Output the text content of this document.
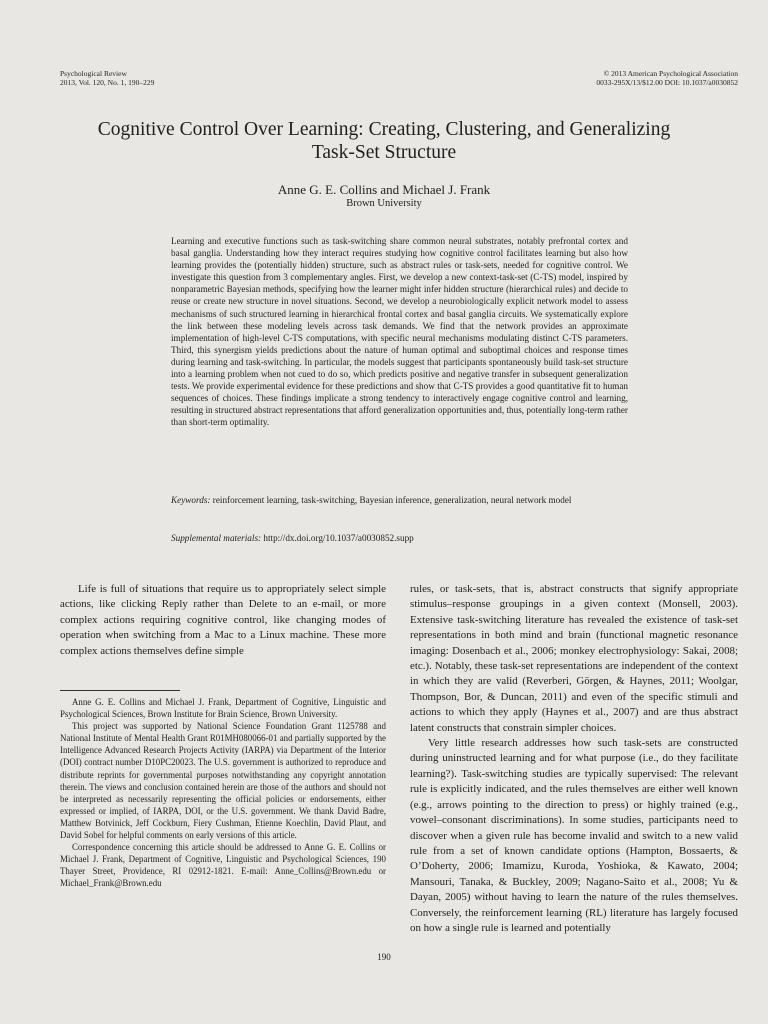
Psychological Review
2013, Vol. 120, No. 1, 190–229
© 2013 American Psychological Association
0033-295X/13/$12.00 DOI: 10.1037/a0030852
Cognitive Control Over Learning: Creating, Clustering, and Generalizing
Task-Set Structure
Anne G. E. Collins and Michael J. Frank
Brown University

Learning and executive functions such as task-switching share common neural substrates, notably prefrontal cortex and basal ganglia. Understanding how they interact requires studying how cognitive control facilitates learning but also how learning provides the (potentially hidden) structure, such as abstract rules or task-sets, needed for cognitive control. We investigate this question from 3 complementary angles. First, we develop a new context-task-set (C-TS) model, inspired by nonparametric Bayesian methods, specifying how the learner might infer hidden structure (hierarchical rules) and decide to reuse or create new structure in novel situations. Second, we develop a neurobiologically explicit network model to assess mechanisms of such structured learning in hierarchical frontal cortex and basal ganglia circuits. We systematically explore the link between these modeling levels across task demands. We find that the network provides an approximate implementation of high-level C-TS computations, with specific neural mechanisms modulating distinct C-TS parameters. Third, this synergism yields predictions about the nature of human optimal and suboptimal choices and response times during learning and task-switching. In particular, the models suggest that participants spontaneously build task-set structure into a learning problem when not cued to do so, which predicts positive and negative transfer in subsequent generalization tests. We provide experimental evidence for these predictions and show that C-TS provides a good quantitative fit to human sequences of choices. These findings implicate a strong tendency to interactively engage cognitive control and learning, resulting in structured abstract representations that afford generalization opportunities and, thus, potentially long-term rather than short-term optimality.

Keywords: reinforcement learning, task-switching, Bayesian inference, generalization, neural network model
Supplemental materials: http://dx.doi.org/10.1037/a0030852.supp

Life is full of situations that require us to appropriately select simple actions, like clicking Reply rather than Delete to an e-mail, or more complex actions requiring cognitive control, like changing modes of operation when switching from a Mac to a Linux machine. These more complex actions themselves define simple

Anne G. E. Collins and Michael J. Frank, Department of Cognitive, Linguistic and Psychological Sciences, Brown Institute for Brain Science, Brown University.

This project was supported by National Science Foundation Grant 1125788 and National Institute of Mental Health Grant R01MH080066-01 and partially supported by the Intelligence Advanced Research Projects Activity (IARPA) via Department of the Interior (DOI) contract number D10PC20023. The U.S. government is authorized to reproduce and distribute reprints for governmental purposes notwithstanding any copyright annotation therein. The views and conclusion contained herein are those of the authors and should not be interpreted as necessarily representing the official policies or endorsements, either expressed or implied, of IARPA, DOI, or the U.S. government. We thank David Badre, Matthew Botvinick, Jeff Cockburn, Fiery Cushman, Etienne Koechlin, David Plaut, and David Sobel for helpful comments on early versions of this article.

Correspondence concerning this article should be addressed to Anne G. E. Collins or Michael J. Frank, Department of Cognitive, Linguistic and Psychological Sciences, 190 Thayer Street, Providence, RI 02912-1821. E-mail: Anne_Collins@Brown.edu or Michael_Frank@Brown.edu

rules, or task-sets, that is, abstract constructs that signify appropriate stimulus–response groupings in a given context (Monsell, 2003). Extensive task-switching literature has revealed the existence of task-set representations in both mind and brain (functional magnetic resonance imaging: Dosenbach et al., 2006; monkey electrophysiology: Sakai, 2008; etc.). Notably, these task-set representations are independent of the context in which they are valid (Reverberi, Görgen, & Haynes, 2011; Woolgar, Thompson, Bor, & Duncan, 2011) and even of the specific stimuli and actions to which they apply (Haynes et al., 2007) and are thus abstract latent constructs that constrain simpler choices.

Very little research addresses how such task-sets are constructed during uninstructed learning and for what purpose (i.e., do they facilitate learning?). Task-switching studies are typically supervised: The relevant rule is explicitly indicated, and the rules themselves are either well known (e.g., arrows pointing to the direction to press) or highly trained (e.g., vowel–consonant discriminations). In some studies, participants need to discover when a given rule has become invalid and switch to a new valid rule from a set of known candidate options (Hampton, Bossaerts, & O’Doherty, 2006; Imamizu, Kuroda, Yoshioka, & Kawato, 2004; Mansouri, Tanaka, & Buckley, 2009; Nagano-Saito et al., 2008; Yu & Dayan, 2005) without having to learn the nature of the rules themselves. Conversely, the reinforcement learning (RL) literature has largely focused on how a single rule is learned and potentially

190
